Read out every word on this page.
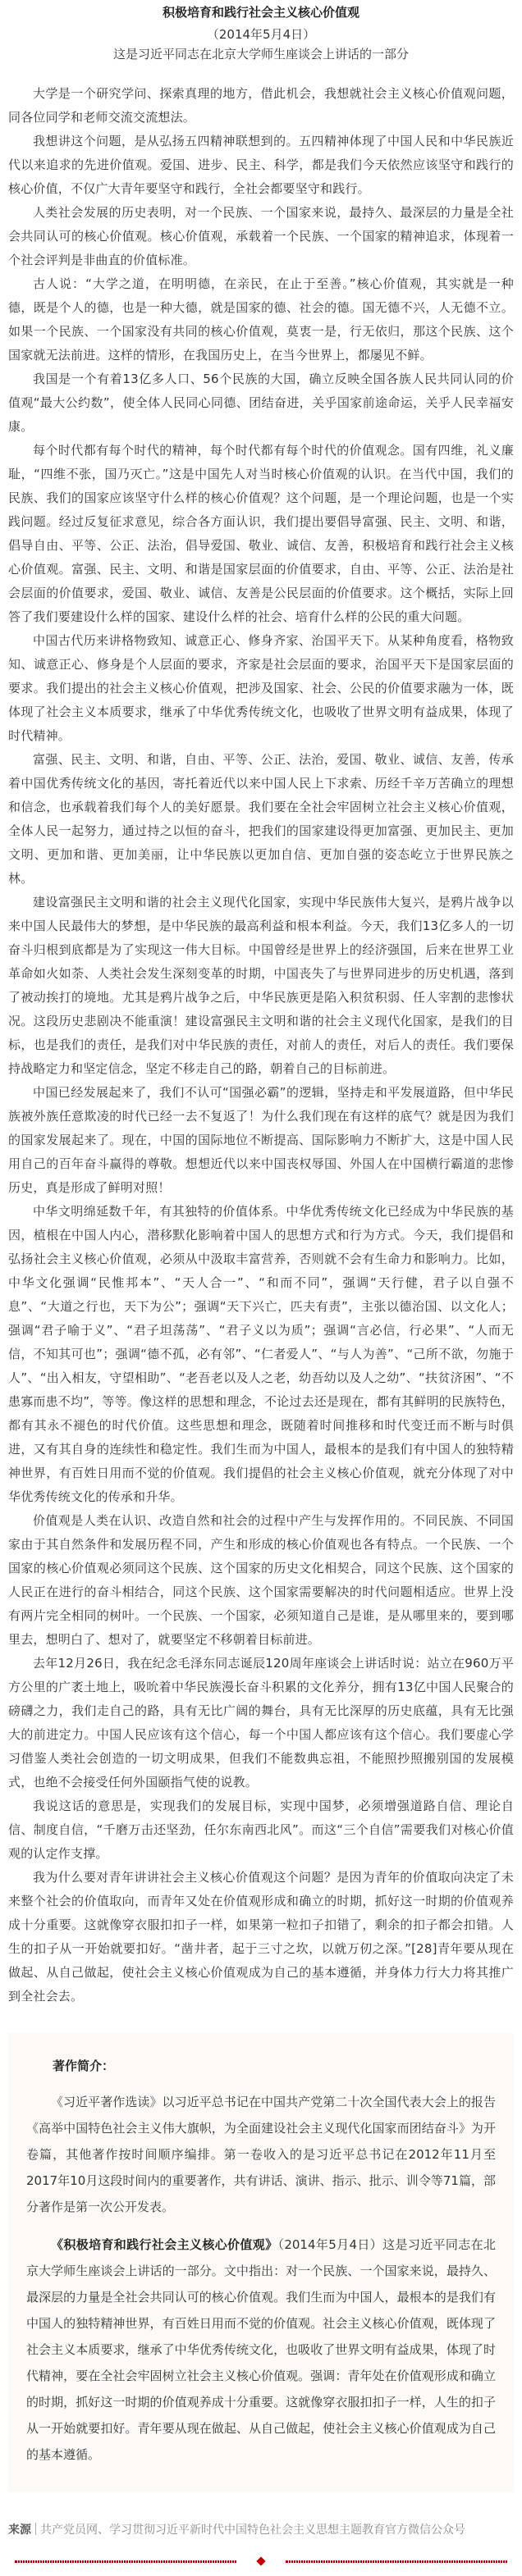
积极培育和践行社会主义核心价值观
（2014年5月4日）
这是习近平同志在北京大学师生座谈会上讲话的一部分

大学是一个研究学问、探索真理的地方，借此机会，我想就社会主义核心价值观问题，同各位同学和老师交流交流想法。

我想讲这个问题，是从弘扬五四精神联想到的。五四精神体现了中国人民和中华民族近代以来追求的先进价值观。爱国、进步、民主、科学，都是我们今天依然应该坚守和践行的核心价值，不仅广大青年要坚守和践行，全社会都要坚守和践行。

人类社会发展的历史表明，对一个民族、一个国家来说，最持久、最深层的力量是全社会共同认可的核心价值观。核心价值观，承载着一个民族、一个国家的精神追求，体现着一个社会评判是非曲直的价值标准。

古人说：“大学之道，在明明德，在亲民，在止于至善。”核心价值观，其实就是一种德，既是个人的德，也是一种大德，就是国家的德、社会的德。国无德不兴，人无德不立。如果一个民族、一个国家没有共同的核心价值观，莫衷一是，行无依归，那这个民族、这个国家就无法前进。这样的情形，在我国历史上，在当今世界上，都屡见不鲜。

我国是一个有着13亿多人口、56个民族的大国，确立反映全国各族人民共同认同的价值观“最大公约数”，使全体人民同心同德、团结奋进，关乎国家前途命运，关乎人民幸福安康。

每个时代都有每个时代的精神，每个时代都有每个时代的价值观念。国有四维，礼义廉耻，“四维不张，国乃灭亡。”这是中国先人对当时核心价值观的认识。在当代中国，我们的民族、我们的国家应该坚守什么样的核心价值观？这个问题，是一个理论问题，也是一个实践问题。经过反复征求意见，综合各方面认识，我们提出要倡导富强、民主、文明、和谐，倡导自由、平等、公正、法治，倡导爱国、敬业、诚信、友善，积极培育和践行社会主义核心价值观。富强、民主、文明、和谐是国家层面的价值要求，自由、平等、公正、法治是社会层面的价值要求，爱国、敬业、诚信、友善是公民层面的价值要求。这个概括，实际上回答了我们要建设什么样的国家、建设什么样的社会、培育什么样的公民的重大问题。

中国古代历来讲格物致知、诚意正心、修身齐家、治国平天下。从某种角度看，格物致知、诚意正心、修身是个人层面的要求，齐家是社会层面的要求，治国平天下是国家层面的要求。我们提出的社会主义核心价值观，把涉及国家、社会、公民的价值要求融为一体，既体现了社会主义本质要求，继承了中华优秀传统文化，也吸收了世界文明有益成果，体现了时代精神。

富强、民主、文明、和谐，自由、平等、公正、法治，爱国、敬业、诚信、友善，传承着中国优秀传统文化的基因，寄托着近代以来中国人民上下求索、历经千辛万苦确立的理想和信念，也承载着我们每个人的美好愿景。我们要在全社会牢固树立社会主义核心价值观，全体人民一起努力，通过持之以恒的奋斗，把我们的国家建设得更加富强、更加民主、更加文明、更加和谐、更加美丽，让中华民族以更加自信、更加自强的姿态屹立于世界民族之林。

建设富强民主文明和谐的社会主义现代化国家，实现中华民族伟大复兴，是鸦片战争以来中国人民最伟大的梦想，是中华民族的最高利益和根本利益。今天，我们13亿多人的一切奋斗归根到底都是为了实现这一伟大目标。中国曾经是世界上的经济强国，后来在世界工业革命如火如荼、人类社会发生深刻变革的时期，中国丧失了与世界同进步的历史机遇，落到了被动挨打的境地。尤其是鸦片战争之后，中华民族更是陷入积贫积弱、任人宰割的悲惨状况。这段历史悲剧决不能重演！建设富强民主文明和谐的社会主义现代化国家，是我们的目标，也是我们的责任，是我们对中华民族的责任，对前人的责任，对后人的责任。我们要保持战略定力和坚定信念，坚定不移走自己的路，朝着自己的目标前进。

中国已经发展起来了，我们不认可“国强必霸”的逻辑，坚持走和平发展道路，但中华民族被外族任意欺凌的时代已经一去不复返了！为什么我们现在有这样的底气？就是因为我们的国家发展起来了。现在，中国的国际地位不断提高、国际影响力不断扩大，这是中国人民用自己的百年奋斗赢得的尊敬。想想近代以来中国丧权辱国、外国人在中国横行霸道的悲惨历史，真是形成了鲜明对照！

中华文明绵延数千年，有其独特的价值体系。中华优秀传统文化已经成为中华民族的基因，植根在中国人内心，潜移默化影响着中国人的思想方式和行为方式。今天，我们提倡和弘扬社会主义核心价值观，必须从中汲取丰富营养，否则就不会有生命力和影响力。比如，中华文化强调“民惟邦本”、“天人合一”、“和而不同”，强调“天行健，君子以自强不息”、“大道之行也，天下为公”；强调“天下兴亡，匹夫有责”，主张以德治国、以文化人；强调“君子喻于义”、“君子坦荡荡”、“君子义以为质”；强调“言必信，行必果”、“人而无信，不知其可也”；强调“德不孤，必有邻”、“仁者爱人”、“与人为善”、“己所不欲，勿施于人”、“出入相友，守望相助”、“老吾老以及人之老，幼吾幼以及人之幼”、“扶贫济困”、“不患寡而患不均”，等等。像这样的思想和理念，不论过去还是现在，都有其鲜明的民族特色，都有其永不褪色的时代价值。这些思想和理念，既随着时间推移和时代变迁而不断与时俱进，又有其自身的连续性和稳定性。我们生而为中国人，最根本的是我们有中国人的独特精神世界，有百姓日用而不觉的价值观。我们提倡的社会主义核心价值观，就充分体现了对中华优秀传统文化的传承和升华。

价值观是人类在认识、改造自然和社会的过程中产生与发挥作用的。不同民族、不同国家由于其自然条件和发展历程不同，产生和形成的核心价值观也各有特点。一个民族、一个国家的核心价值观必须同这个民族、这个国家的历史文化相契合，同这个民族、这个国家的人民正在进行的奋斗相结合，同这个民族、这个国家需要解决的时代问题相适应。世界上没有两片完全相同的树叶。一个民族、一个国家，必须知道自己是谁，是从哪里来的，要到哪里去，想明白了、想对了，就要坚定不移朝着目标前进。

去年12月26日，我在纪念毛泽东同志诞辰120周年座谈会上讲话时说：站立在960万平方公里的广袤土地上，吸吮着中华民族漫长奋斗积累的文化养分，拥有13亿中国人民聚合的磅礴之力，我们走自己的路，具有无比广阔的舞台，具有无比深厚的历史底蕴，具有无比强大的前进定力。中国人民应该有这个信心，每一个中国人都应该有这个信心。我们要虚心学习借鉴人类社会创造的一切文明成果，但我们不能数典忘祖，不能照抄照搬别国的发展模式，也绝不会接受任何外国颐指气使的说教。

我说这话的意思是，实现我们的发展目标，实现中国梦，必须增强道路自信、理论自信、制度自信，“千磨万击还坚劲，任尔东南西北风”。而这“三个自信”需要我们对核心价值观的认定作支撑。

我为什么要对青年讲讲社会主义核心价值观这个问题？是因为青年的价值取向决定了未来整个社会的价值取向，而青年又处在价值观形成和确立的时期，抓好这一时期的价值观养成十分重要。这就像穿衣服扣扣子一样，如果第一粒扣子扣错了，剩余的扣子都会扣错。人生的扣子从一开始就要扣好。“凿井者，起于三寸之坎，以就万仞之深。”[28]青年要从现在做起、从自己做起，使社会主义核心价值观成为自己的基本遵循，并身体力行大力将其推广到全社会去。

著作简介：

《习近平著作选读》以习近平总书记在中国共产党第二十次全国代表大会上的报告《高举中国特色社会主义伟大旗帜，为全面建设社会主义现代化国家而团结奋斗》为开卷篇，其他著作按时间顺序编排。第一卷收入的是习近平总书记在2012年11月至2017年10月这段时间内的重要著作，共有讲话、演讲、指示、批示、训令等71篇，部分著作是第一次公开发表。

《积极培育和践行社会主义核心价值观》（2014年5月4日）这是习近平同志在北京大学师生座谈会上讲话的一部分。文中指出：对一个民族、一个国家来说，最持久、最深层的力量是全社会共同认可的核心价值观。我们生而为中国人，最根本的是我们有中国人的独特精神世界，有百姓日用而不觉的价值观。社会主义核心价值观，既体现了社会主义本质要求，继承了中华优秀传统文化，也吸收了世界文明有益成果，体现了时代精神，要在全社会牢固树立社会主义核心价值观。强调：青年处在价值观形成和确立的时期，抓好这一时期的价值观养成十分重要。这就像穿衣服扣扣子一样，人生的扣子从一开始就要扣好。青年要从现在做起、从自己做起，使社会主义核心价值观成为自己的基本遵循。

来源 共产党员网、学习贯彻习近平新时代中国特色社会主义思想主题教育官方微信公众号
